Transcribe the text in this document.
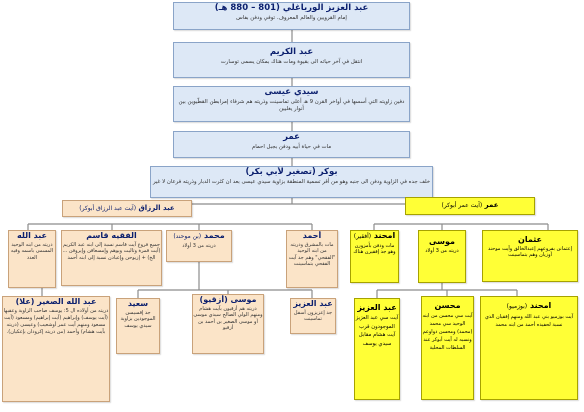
عبد العزيز الورياغلي (801 – 880 هـ)
إمام القرويين والعالم المعروف. توفي ودفن بفاس
عبد الكريم
انتقل في آخر حياته الى بقيوة ومات هناك بمكان يسمى توسارت
سيدي عيسى
دفين زاويته التي أسسها في أواخر القرن 9 ﻫ، أعلى تماسينت وذريته هم شرفاء إمرابطن القطّيوين بين أنوار يغليين
عمر
مات في حياة أبيه ودفن بجبل احمام
بوكر (تصغير لأبي بكر)
خلف جده في الزاوية ودفن الى جنبه وهو من أقر تسمية المنطقة بزاوية سيدي عيسى بعد ان كثرت الدبار وذريته فرعان لا غير
عبد الرزاق (آيت عبد الرزاق أبوكر)	عمر (آيت عمر أبوكر)
عبد الله
ذريته من ابنه الوحيد المسمى باسمه وفيه العدد
الفقيه قاسم
جميع فروع آيت قاسم نسبة إلى ابنه عبد الكريم (آيت قمرة وتاليت ويوهم وإمسعاقن وإيروفن ... الخ) + إزيوحن وإعبادن نسبة إلى ابنه أحمد
محمد (بن موحند)
ذريته من 3 أولاد
أحمد
مات بالمشرق وذريته من ابنه الوحيد "الفقحي" وهم جد آيت الفقحي بتماسينت
امحند (أفقير)
مات ودفن بأمزورن وهو جد إفقيرن هناك
موسى
ذريته من 3 أولاد
عثمان
إعثمانن بفروعهم إعبدالخالق وآيت موحند أوزيان وهم بتماسينت
عبد الله الصغير (علا)
ذريته من أولاده ال 5: يوسف صاحب الزاوية وعقبها (آيت يوسف) وإبراهيم (آيت إبراهيم) ومسعود (آيت مسعود ومنهم آيت عمر أوشعيب) وعيسى (ذريته بآيت هشام) وأحمد (من ذريته إكرودان بإعكيان).
سعيد
جد إقسيسن الموجودين بزاوية سيدي يوسف
موسى (أزقيو)
ذريته هم أزقيون بآيت هشام ومنهم الولي الصالح سيدي موسى أو موسى الصغير بن أحمد بن أزقيو
عبد العزيز
جد إعزيزون أسفل تماسينت
عبد العزيز
آيت سي عبد العزيز الموجودون قرب آيت هشام مقابل سيدي يوسف
محسن
آيت سي محسن من ابنه الوحيد سي محمد (محمد) ومحسن دواوعم ونسبه له آيت أبوكر عند السلطات المحلية
امحند (بوزميو)
آيت بوزميو بني عبد الله ومنهم إفقيان الذي نسبة لحفيده أحمد من ابنه محمد
